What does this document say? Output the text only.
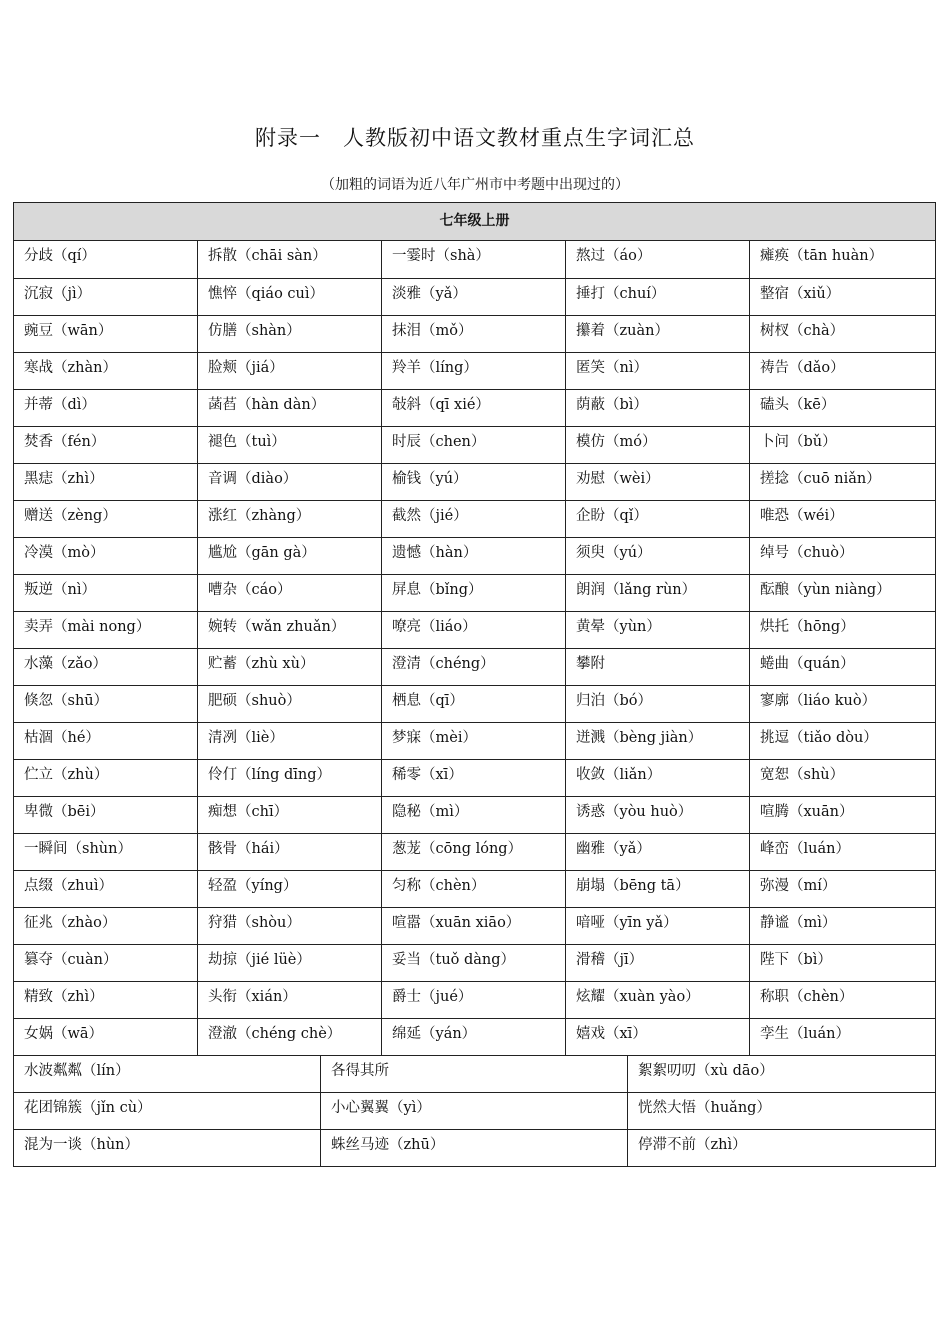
附录一　人教版初中语文教材重点生字词汇总
（加粗的词语为近八年广州市中考题中出现过的）
七年级上册
分歧（qí）	拆散（chāi sàn）	一霎时（shà）	熬过（áo）	瘫痪（tān huàn）
沉寂（jì）	憔悴（qiáo cuì）	淡雅（yǎ）	捶打（chuí）	整宿（xiǔ）
豌豆（wān）	仿膳（shàn）	抹泪（mǒ）	攥着（zuàn）	树杈（chà）
寒战（zhàn）	脸颊（jiá）	羚羊（líng）	匿笑（nì）	祷告（dǎo）
并蒂（dì）	菡萏（hàn dàn）	敧斜（qī xié）	荫蔽（bì）	磕头（kē）
焚香（fén）	褪色（tuì）	时辰（chen）	模仿（mó）	卜问（bǔ）
黑痣（zhì）	音调（diào）	榆钱（yú）	劝慰（wèi）	搓捻（cuō niǎn）
赠送（zèng）	涨红（zhàng）	截然（jié）	企盼（qǐ）	唯恐（wéi）
冷漠（mò）	尴尬（gān gà）	遗憾（hàn）	须臾（yú）	绰号（chuò）
叛逆（nì）	嘈杂（cáo）	屏息（bǐng）	朗润（lǎng rùn）	酝酿（yùn niàng）
卖弄（mài nong）	婉转（wǎn zhuǎn）	嘹亮（liáo）	黄晕（yùn）	烘托（hōng）
水藻（zǎo）	贮蓄（zhù xù）	澄清（chéng）	攀附	蜷曲（quán）
倏忽（shū）	肥硕（shuò）	栖息（qī）	归泊（bó）	寥廓（liáo kuò）
枯涸（hé）	清冽（liè）	梦寐（mèi）	迸溅（bèng jiàn）	挑逗（tiǎo dòu）
伫立（zhù）	伶仃（líng dīng）	稀零（xī）	收敛（liǎn）	宽恕（shù）
卑微（bēi）	痴想（chī）	隐秘（mì）	诱惑（yòu huò）	喧腾（xuān）
一瞬间（shùn）	骸骨（hái）	葱茏（cōng lóng）	幽雅（yǎ）	峰峦（luán）
点缀（zhuì）	轻盈（yíng）	匀称（chèn）	崩塌（bēng tā）	弥漫（mí）
征兆（zhào）	狩猎（shòu）	喧嚣（xuān xiāo）	喑哑（yīn yǎ）	静谧（mì）
篡夺（cuàn）	劫掠（jié lüè）	妥当（tuǒ dàng）	滑稽（jī）	陛下（bì）
精致（zhì）	头衔（xián）	爵士（jué）	炫耀（xuàn yào）	称职（chèn）
女娲（wā）	澄澈（chéng chè）	绵延（yán）	嬉戏（xī）	孪生（luán）
水波粼粼（lín）	各得其所	絮絮叨叨（xù dāo）
花团锦簇（jǐn cù）	小心翼翼（yì）	恍然大悟（huǎng）
混为一谈（hùn）	蛛丝马迹（zhū）	停滞不前（zhì）
